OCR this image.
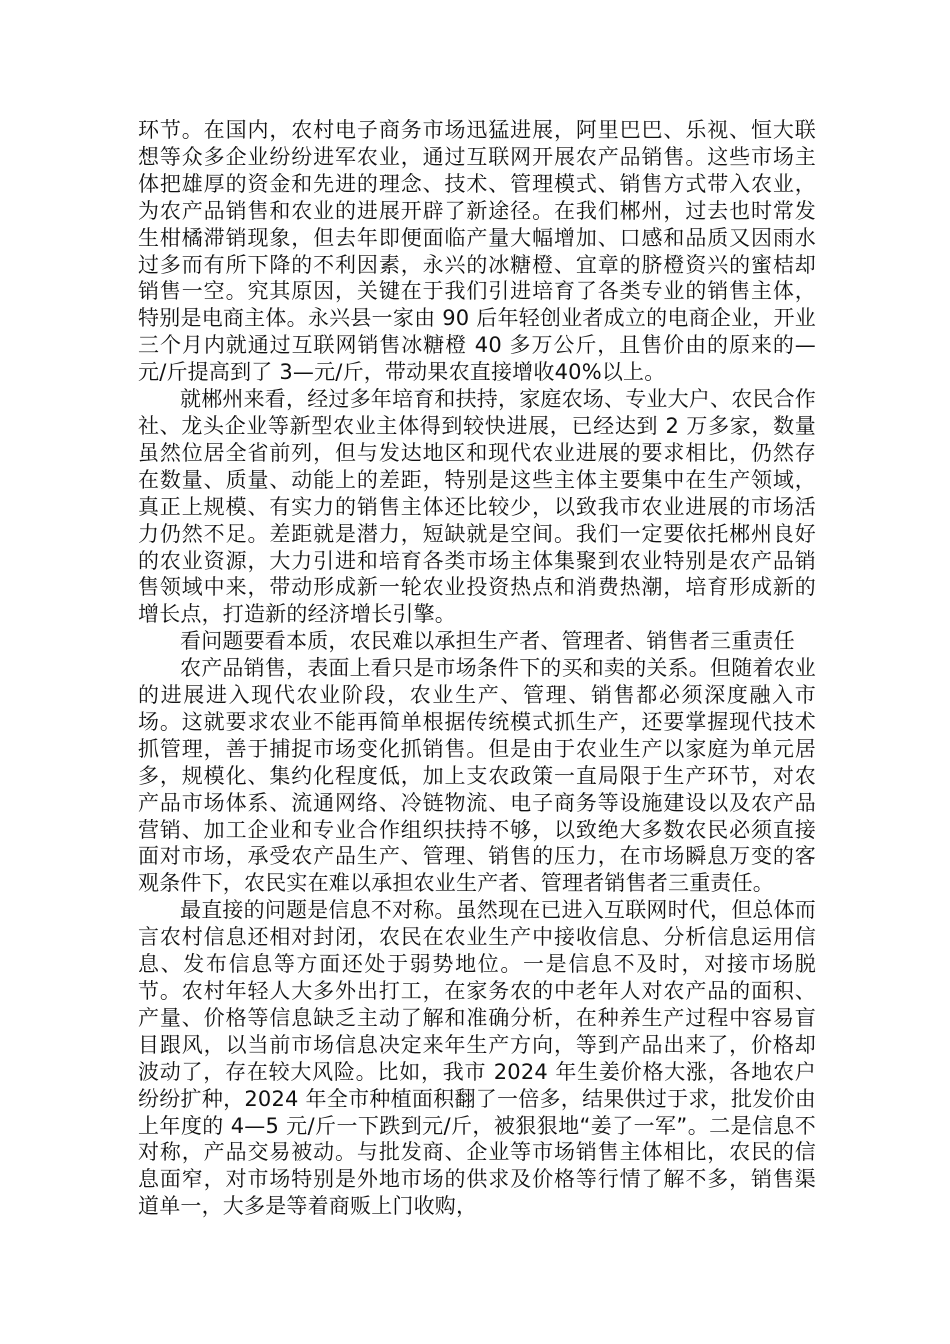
环节。在国内，农村电子商务市场迅猛进展，阿里巴巴、乐视、恒大联想等众多企业纷纷进军农业，通过互联网开展农产品销售。这些市场主体把雄厚的资金和先进的理念、技术、管理模式、销售方式带入农业，为农产品销售和农业的进展开辟了新途径。在我们郴州，过去也时常发生柑橘滞销现象，但去年即便面临产量大幅增加、口感和品质又因雨水过多而有所下降的不利因素，永兴的冰糖橙、宜章的脐橙资兴的蜜桔却销售一空。究其原因，关键在于我们引进培育了各类专业的销售主体，特别是电商主体。永兴县一家由 90 后年轻创业者成立的电商企业，开业三个月内就通过互联网销售冰糖橙 40 多万公斤，且售价由的原来的—元/斤提高到了 3—元/斤，带动果农直接增收40%以上。

就郴州来看，经过多年培育和扶持，家庭农场、专业大户、农民合作社、龙头企业等新型农业主体得到较快进展，已经达到 2 万多家，数量虽然位居全省前列，但与发达地区和现代农业进展的要求相比，仍然存在数量、质量、动能上的差距，特别是这些主体主要集中在生产领域，真正上规模、有实力的销售主体还比较少，以致我市农业进展的市场活力仍然不足。差距就是潜力，短缺就是空间。我们一定要依托郴州良好的农业资源，大力引进和培育各类市场主体集聚到农业特别是农产品销售领域中来，带动形成新一轮农业投资热点和消费热潮，培育形成新的增长点，打造新的经济增长引擎。

看问题要看本质，农民难以承担生产者、管理者、销售者三重责任

农产品销售，表面上看只是市场条件下的买和卖的关系。但随着农业的进展进入现代农业阶段，农业生产、管理、销售都必须深度融入市场。这就要求农业不能再简单根据传统模式抓生产，还要掌握现代技术抓管理，善于捕捉市场变化抓销售。但是由于农业生产以家庭为单元居多，规模化、集约化程度低，加上支农政策一直局限于生产环节，对农产品市场体系、流通网络、冷链物流、电子商务等设施建设以及农产品营销、加工企业和专业合作组织扶持不够，以致绝大多数农民必须直接面对市场，承受农产品生产、管理、销售的压力，在市场瞬息万变的客观条件下，农民实在难以承担农业生产者、管理者销售者三重责任。

最直接的问题是信息不对称。虽然现在已进入互联网时代，但总体而言农村信息还相对封闭，农民在农业生产中接收信息、分析信息运用信息、发布信息等方面还处于弱势地位。一是信息不及时，对接市场脱节。农村年轻人大多外出打工，在家务农的中老年人对农产品的面积、产量、价格等信息缺乏主动了解和准确分析，在种养生产过程中容易盲目跟风，以当前市场信息决定来年生产方向，等到产品出来了，价格却波动了，存在较大风险。比如，我市 2024 年生姜价格大涨，各地农户纷纷扩种，2024 年全市种植面积翻了一倍多，结果供过于求，批发价由上年度的 4—5 元/斤一下跌到元/斤，被狠狠地“姜了一军”。二是信息不对称，产品交易被动。与批发商、企业等市场销售主体相比，农民的信息面窄，对市场特别是外地市场的供求及价格等行情了解不多，销售渠道单一，大多是等着商贩上门收购，
